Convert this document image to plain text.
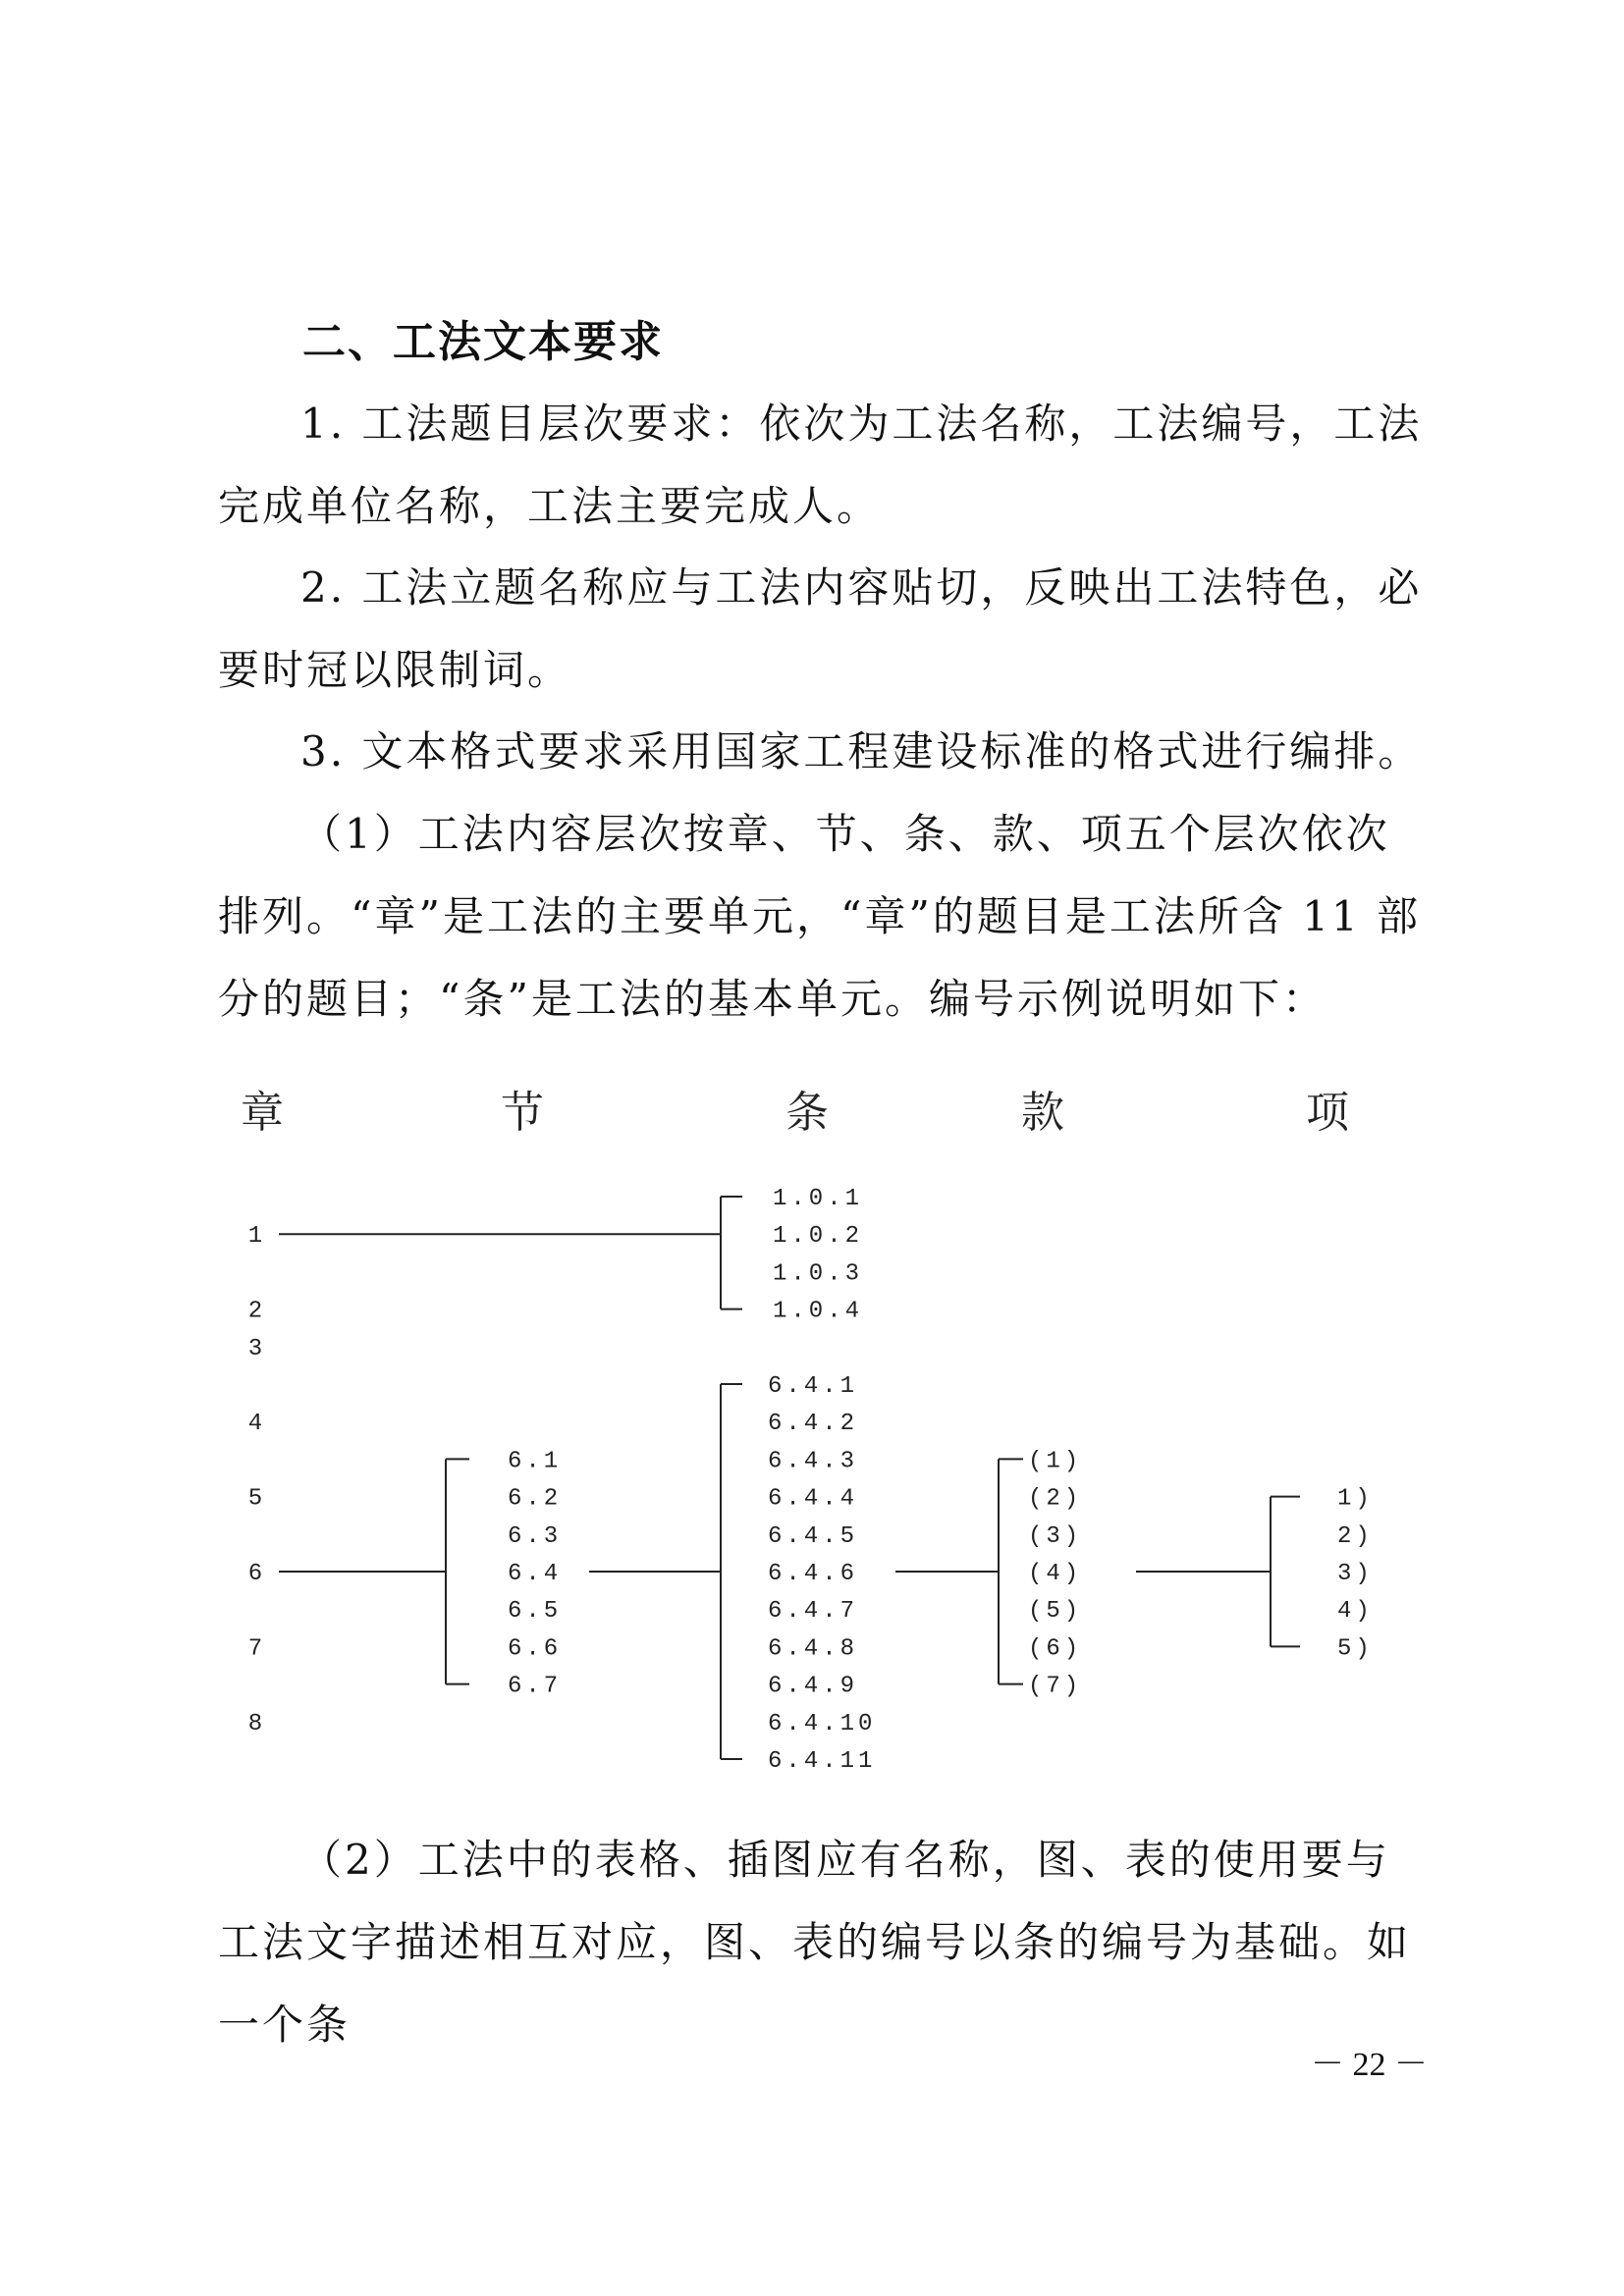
二、工法文本要求

1. 工法题目层次要求：依次为工法名称，工法编号，工法完成单位名称，工法主要完成人。

2. 工法立题名称应与工法内容贴切，反映出工法特色，必要时冠以限制词。

3. 文本格式要求采用国家工程建设标准的格式进行编排。

（1）工法内容层次按章、节、条、款、项五个层次依次排列。“章”是工法的主要单元，“章”的题目是工法所含 11 部分的题目；“条”是工法的基本单元。编号示例说明如下：

章	节	条	款	项
1
2
3
4
5
6
7
8
1.0.1
1.0.2
1.0.3
1.0.4
6.1
6.2
6.3
6.4
6.5
6.6
6.7
6.4.1
6.4.2
6.4.3
6.4.4
6.4.5
6.4.6
6.4.7
6.4.8
6.4.9
6.4.10
6.4.11
(1)
(2)
(3)
(4)
(5)
(6)
(7)
1)
2)
3)
4)
5)

（2）工法中的表格、插图应有名称，图、表的使用要与工法文字描述相互对应，图、表的编号以条的编号为基础。如一个条

－ 22 －
